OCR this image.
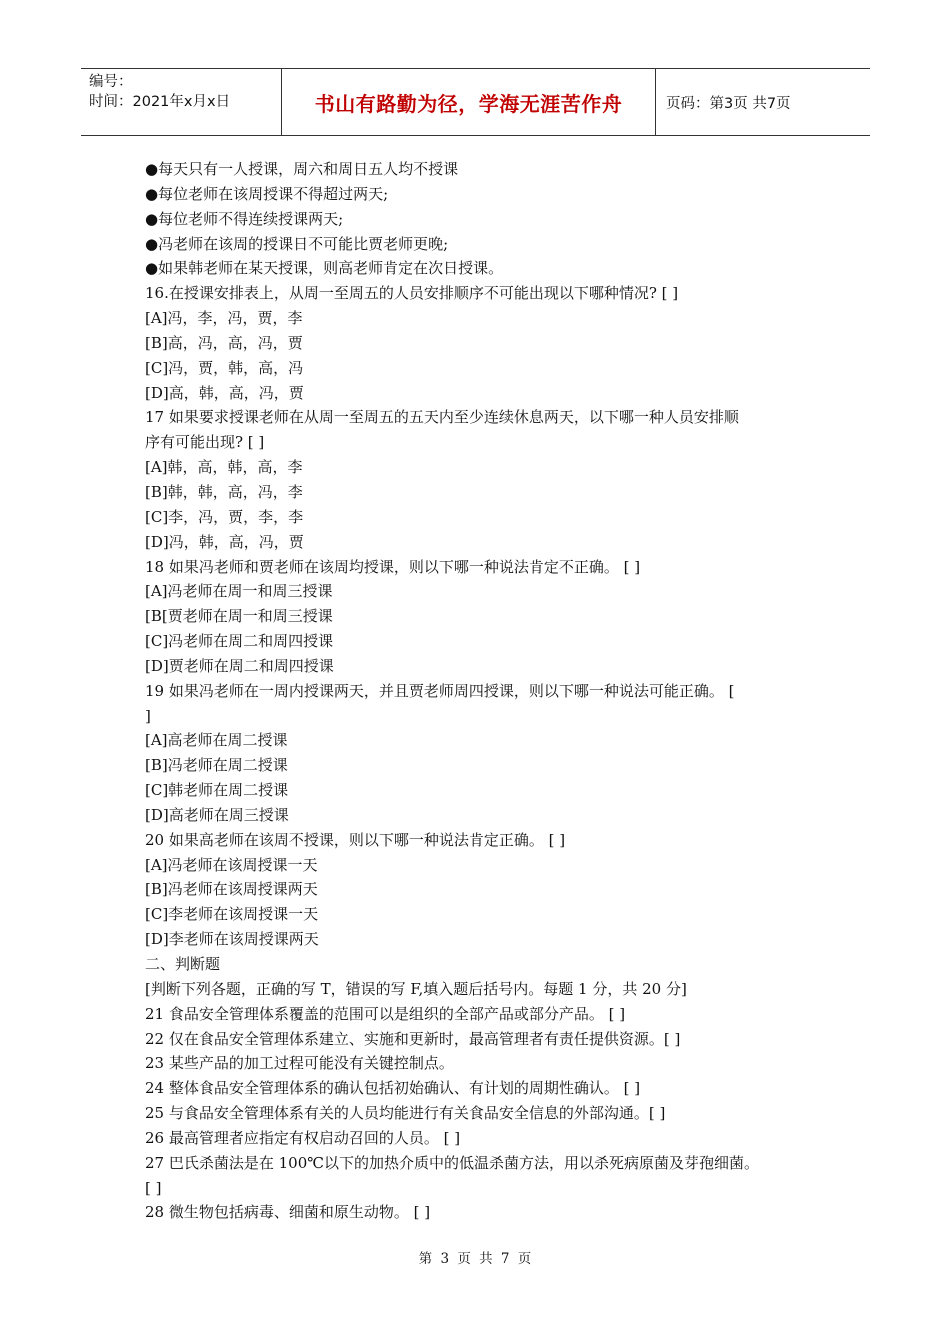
编号：
时间：2021年x月x日	书山有路勤为径，学海无涯苦作舟	页码：第3页 共7页
●每天只有一人授课，周六和周日五人均不授课
●每位老师在该周授课不得超过两天;
●每位老师不得连续授课两天;
●冯老师在该周的授课日不可能比贾老师更晚;
●如果韩老师在某天授课，则高老师肯定在次日授课。
16.在授课安排表上，从周一至周五的人员安排顺序不可能出现以下哪种情况? [ ]
[A]冯，李，冯，贾，李
[B]高，冯，高，冯，贾
[C]冯，贾，韩，高，冯
[D]高，韩，高，冯，贾
17 如果要求授课老师在从周一至周五的五天内至少连续休息两天，以下哪一种人员安排顺
序有可能出现? [ ]
[A]韩，高，韩，高，李
[B]韩，韩，高，冯，李
[C]李，冯，贾，李，李
[D]冯，韩，高，冯，贾
18 如果冯老师和贾老师在该周均授课，则以下哪一种说法肯定不正确。 [ ]
[A]冯老师在周一和周三授课
[B[贾老师在周一和周三授课
[C]冯老师在周二和周四授课
[D]贾老师在周二和周四授课
19 如果冯老师在一周内授课两天，并且贾老师周四授课，则以下哪一种说法可能正确。 [
]
[A]高老师在周二授课
[B]冯老师在周二授课
[C]韩老师在周二授课
[D]高老师在周三授课
20 如果高老师在该周不授课，则以下哪一种说法肯定正确。 [ ]
[A]冯老师在该周授课一天
[B]冯老师在该周授课两天
[C]李老师在该周授课一天
[D]李老师在该周授课两天
二、判断题
[判断下列各题，正确的写 T，错误的写 F,填入题后括号内。每题 1 分，共 20 分]
21 食品安全管理体系覆盖的范围可以是组织的全部产品或部分产品。 [ ]
22 仅在食品安全管理体系建立、实施和更新时，最高管理者有责任提供资源。[ ]
23 某些产品的加工过程可能没有关键控制点。
24 整体食品安全管理体系的确认包括初始确认、有计划的周期性确认。 [ ]
25 与食品安全管理体系有关的人员均能进行有关食品安全信息的外部沟通。[ ]
26 最高管理者应指定有权启动召回的人员。 [ ]
27 巴氏杀菌法是在 100℃以下的加热介质中的低温杀菌方法，用以杀死病原菌及芽孢细菌。
[ ]
28 微生物包括病毒、细菌和原生动物。 [ ]
第 3 页 共 7 页
